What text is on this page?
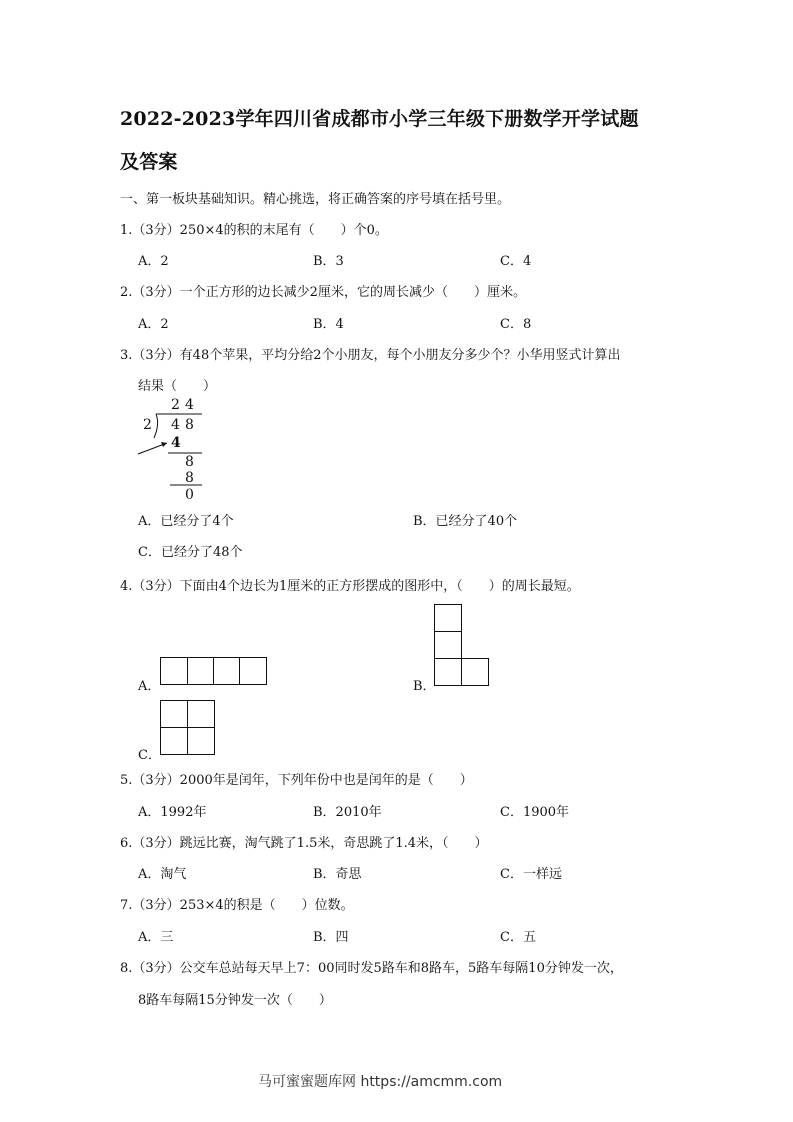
2022-2023学年四川省成都市小学三年级下册数学开学试题
及答案
一、第一板块基础知识。精心挑选，将正确答案的序号填在括号里。
1.（3分）250×4的积的末尾有（　　）个0。
A．2	B．3	C．4
2.（3分）一个正方形的边长减少2厘米，它的周长减少（　　）厘米。
A．2	B．4	C．8
3.（3分）有48个苹果，平均分给2个小朋友，每个小朋友分多少个？小华用竖式计算出
结果（　　）
2 4
2 4 8
4
8
8
0
A．已经分了4个	B．已经分了40个
C．已经分了48个
4.（3分）下面由4个边长为1厘米的正方形摆成的图形中，（　　）的周长最短。
A．	B．
C．
5.（3分）2000年是闰年，下列年份中也是闰年的是（　　）
A．1992年	B．2010年	C．1900年
6.（3分）跳远比赛，淘气跳了1.5米，奇思跳了1.4米，（　　）
A．淘气	B．奇思	C．一样远
7.（3分）253×4的积是（　　）位数。
A．三	B．四	C．五
8.（3分）公交车总站每天早上7：00同时发5路车和8路车，5路车每隔10分钟发一次，
8路车每隔15分钟发一次（　　）
马可蜜蜜题库网 https://amcmm.com
